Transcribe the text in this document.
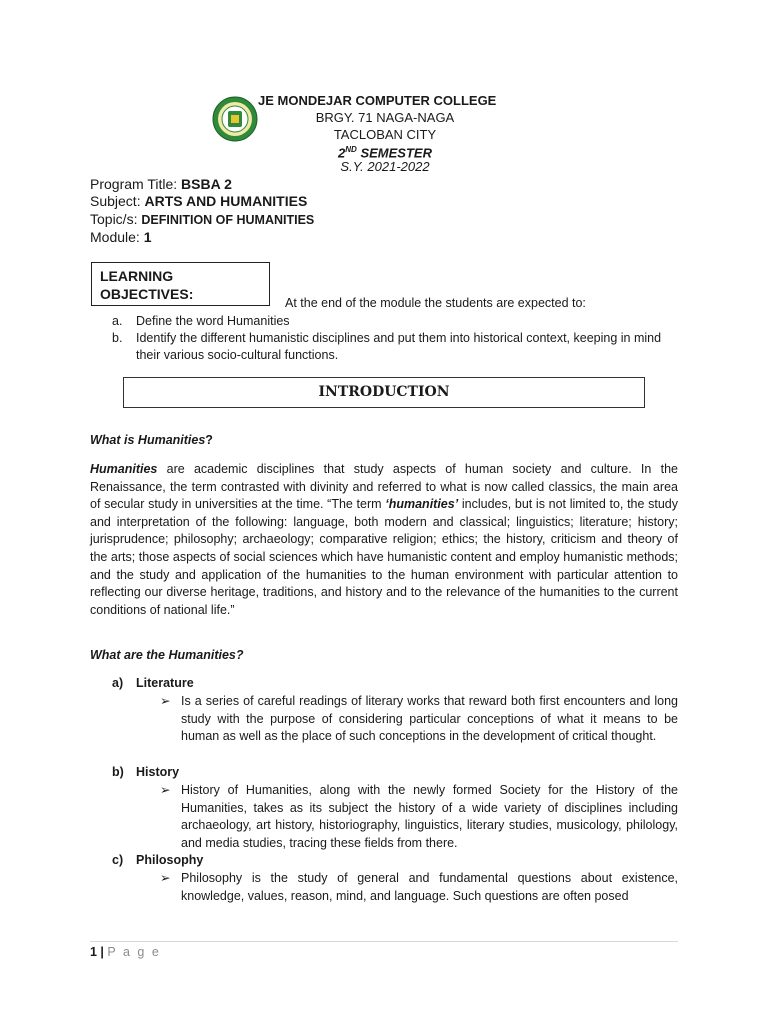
JE MONDEJAR COMPUTER COLLEGE
BRGY. 71 NAGA-NAGA
TACLOBAN CITY
2ND SEMESTER
S.Y. 2021-2022
Program Title: BSBA 2
Subject: ARTS AND HUMANITIES
Topic/s: DEFINITION OF HUMANITIES
Module: 1
LEARNING
OBJECTIVES:
At the end of the module the students are expected to:
a. Define the word Humanities
b. Identify the different humanistic disciplines and put them into historical context, keeping in mind their various socio-cultural functions.
INTRODUCTION
What is Humanities?
Humanities are academic disciplines that study aspects of human society and culture. In the Renaissance, the term contrasted with divinity and referred to what is now called classics, the main area of secular study in universities at the time. “The term ‘humanities’ includes, but is not limited to, the study and interpretation of the following: language, both modern and classical; linguistics; literature; history; jurisprudence; philosophy; archaeology; comparative religion; ethics; the history, criticism and theory of the arts; those aspects of social sciences which have humanistic content and employ humanistic methods; and the study and application of the humanities to the human environment with particular attention to reflecting our diverse heritage, traditions, and history and to the relevance of the humanities to the current conditions of national life.”
What are the Humanities?
a) Literature
➢ Is a series of careful readings of literary works that reward both first encounters and long study with the purpose of considering particular conceptions of what it means to be human as well as the place of such conceptions in the development of critical thought.
b) History
➢ History of Humanities, along with the newly formed Society for the History of the Humanities, takes as its subject the history of a wide variety of disciplines including archaeology, art history, historiography, linguistics, literary studies, musicology, philology, and media studies, tracing these fields from there.
c) Philosophy
➢ Philosophy is the study of general and fundamental questions about existence, knowledge, values, reason, mind, and language. Such questions are often posed
1 | P a g e
